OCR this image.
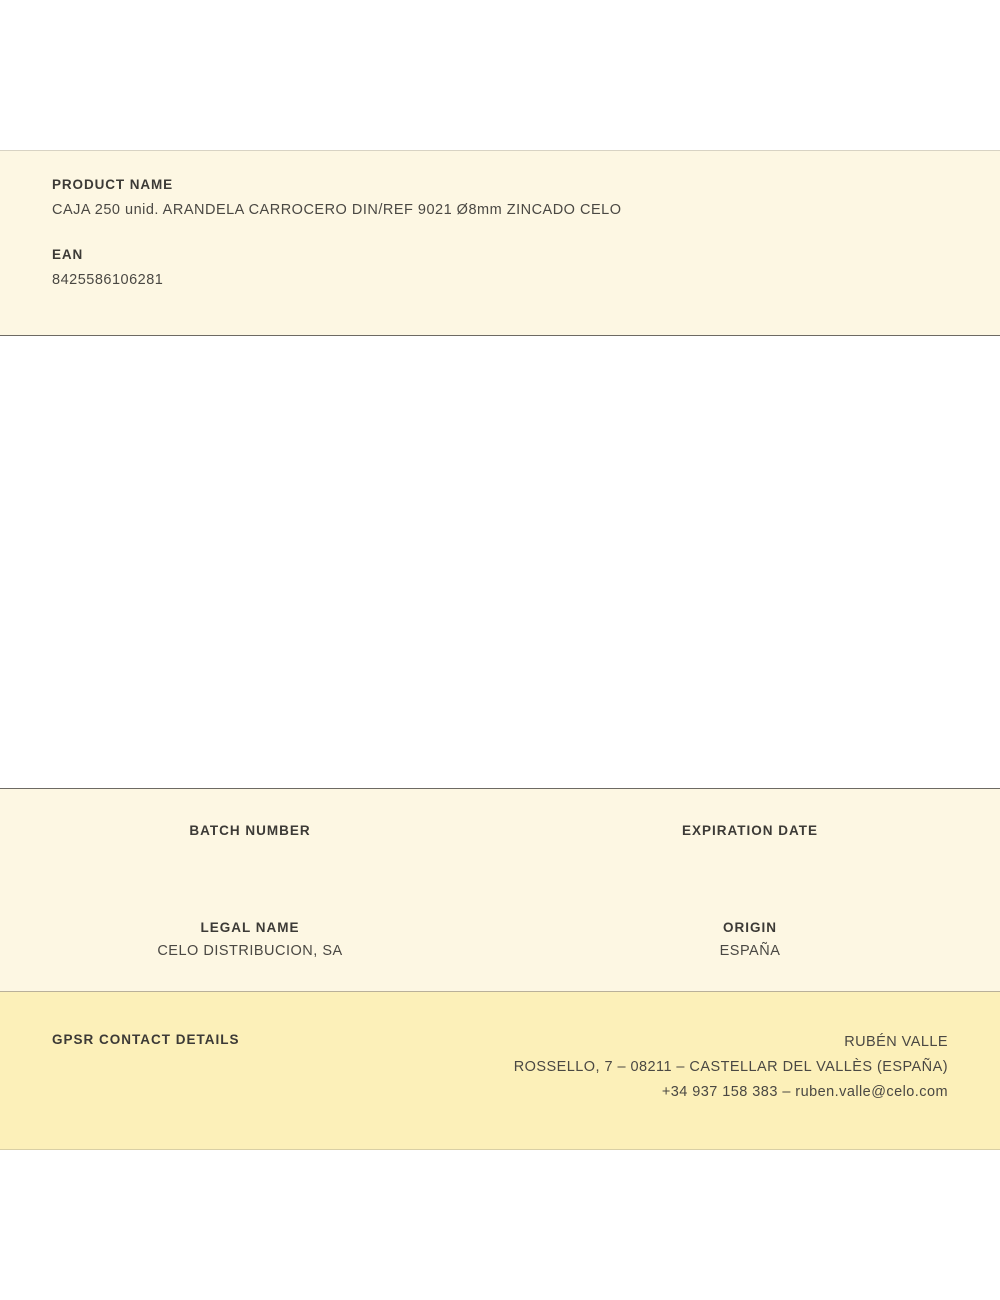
PRODUCT NAME

CAJA 250 unid. ARANDELA CARROCERO DIN/REF 9021 Ø8mm ZINCADO CELO

EAN

8425586106281

BATCH NUMBER	EXPIRATION DATE

LEGAL NAME

CELO DISTRIBUCION, SA

ORIGIN

ESPAÑA

GPSR CONTACT DETAILS	RUBÉN VALLE
ROSSELLO, 7 – 08211 – CASTELLAR DEL VALLÈS (ESPAÑA)
+34 937 158 383 – ruben.valle@celo.com
